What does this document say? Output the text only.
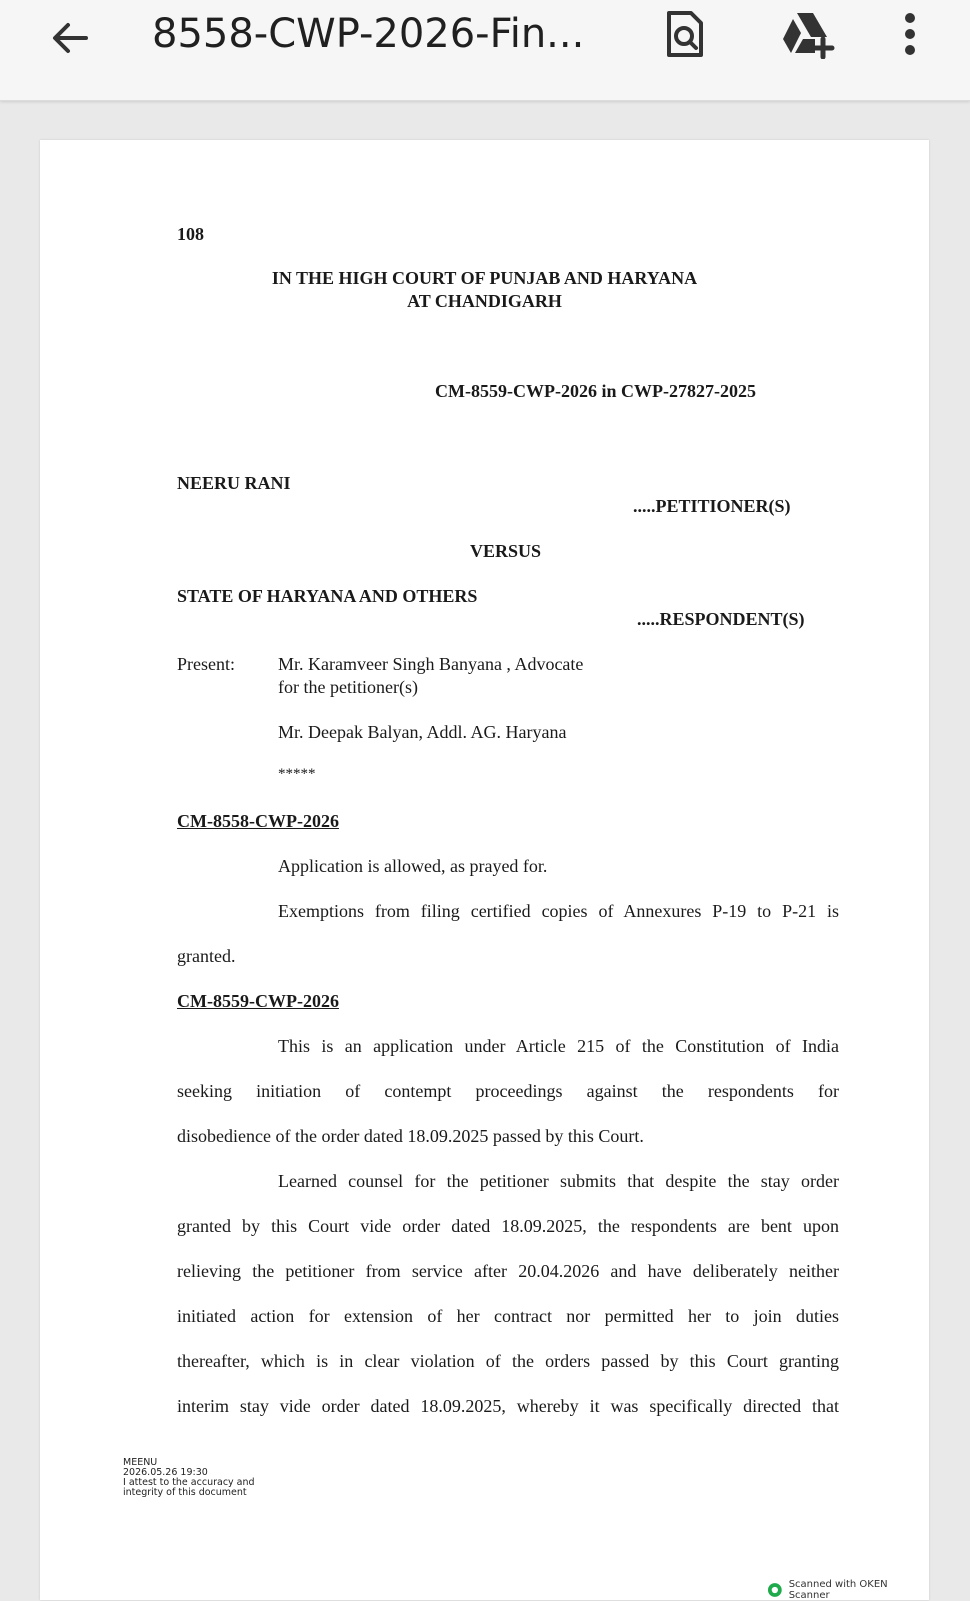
8558-CWP-2026-Fin...
108
IN THE HIGH COURT OF PUNJAB AND HARYANA
AT CHANDIGARH
CM-8559-CWP-2026 in CWP-27827-2025
NEERU RANI
.....PETITIONER(S)
VERSUS
STATE OF HARYANA AND OTHERS
.....RESPONDENT(S)
Present: Mr. Karamveer Singh Banyana , Advocate
for the petitioner(s)
Mr. Deepak Balyan, Addl. AG. Haryana
*****
CM-8558-CWP-2026
Application is allowed, as prayed for.
Exemptions from filing certified copies of Annexures P-19 to P-21 is
granted.
CM-8559-CWP-2026
This is an application under Article 215 of the Constitution of India
seeking initiation of contempt proceedings against the respondents for
disobedience of the order dated 18.09.2025 passed by this Court.
Learned counsel for the petitioner submits that despite the stay order
granted by this Court vide order dated 18.09.2025, the respondents are bent upon
relieving the petitioner from service after 20.04.2026 and have deliberately neither
initiated action for extension of her contract nor permitted her to join duties
thereafter, which is in clear violation of the orders passed by this Court granting
interim stay vide order dated 18.09.2025, whereby it was specifically directed that
MEENU
2026.05.26 19:30
I attest to the accuracy and
integrity of this document
Scanned with OKEN Scanner
